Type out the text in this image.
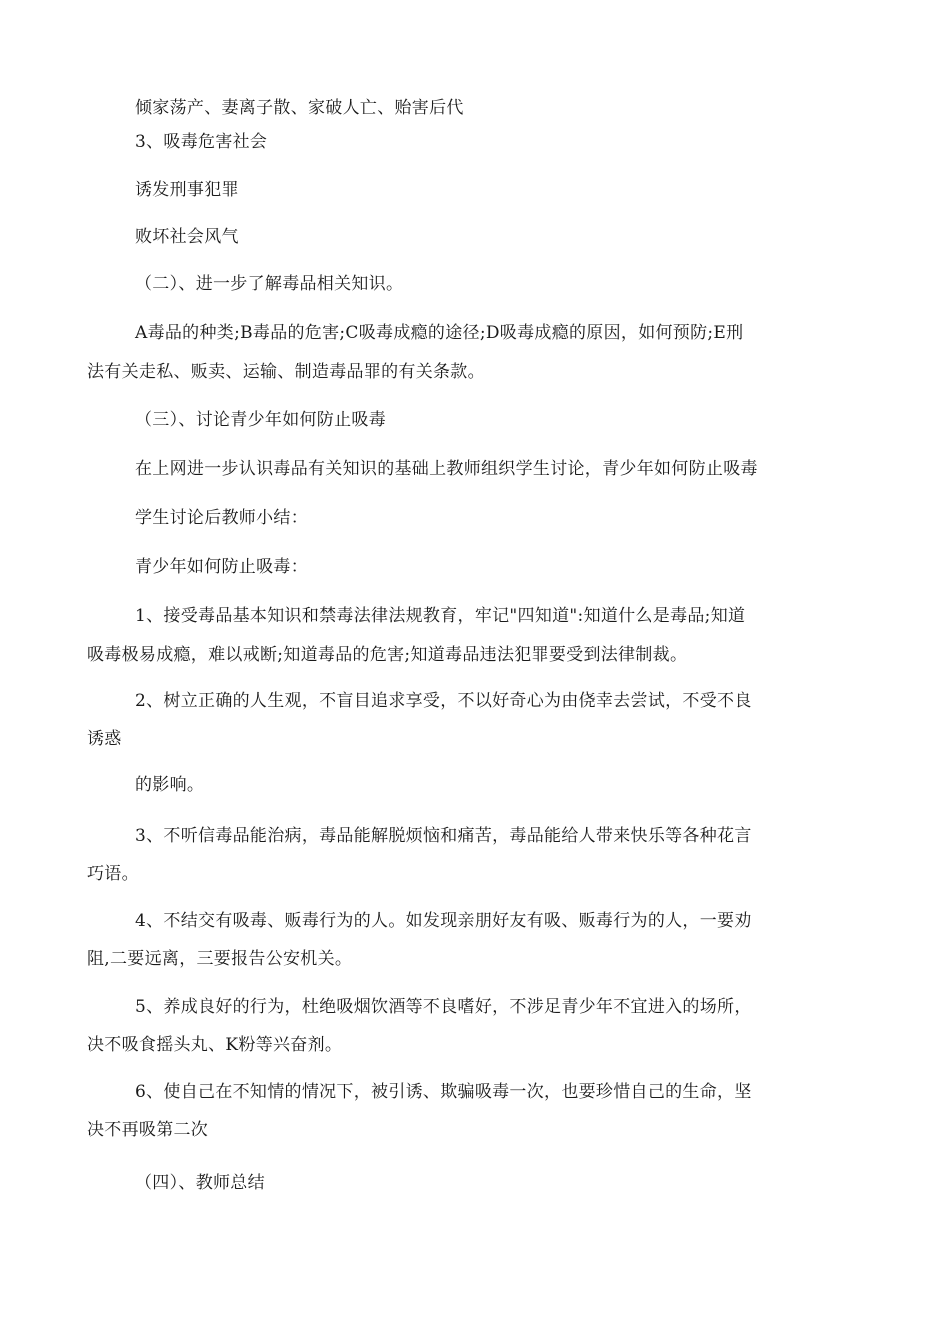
倾家荡产、妻离子散、家破人亡、贻害后代
3、吸毒危害社会
诱发刑事犯罪
败坏社会风气
（二）、进一步了解毒品相关知识。
A毒品的种类;B毒品的危害;C吸毒成瘾的途径;D吸毒成瘾的原因，如何预防;E刑
法有关走私、贩卖、运输、制造毒品罪的有关条款。
（三）、讨论青少年如何防止吸毒
在上网进一步认识毒品有关知识的基础上教师组织学生讨论，青少年如何防止吸毒
学生讨论后教师小结：
青少年如何防止吸毒：
1、接受毒品基本知识和禁毒法律法规教育，牢记"四知道":知道什么是毒品;知道
吸毒极易成瘾，难以戒断;知道毒品的危害;知道毒品违法犯罪要受到法律制裁。
2、树立正确的人生观，不盲目追求享受，不以好奇心为由侥幸去尝试，不受不良
诱惑
的影响。
3、不听信毒品能治病，毒品能解脱烦恼和痛苦，毒品能给人带来快乐等各种花言
巧语。
4、不结交有吸毒、贩毒行为的人。如发现亲朋好友有吸、贩毒行为的人，一要劝
阻,二要远离，三要报告公安机关。
5、养成良好的行为，杜绝吸烟饮酒等不良嗜好，不涉足青少年不宜进入的场所，
决不吸食摇头丸、K粉等兴奋剂。
6、使自己在不知情的情况下，被引诱、欺骗吸毒一次，也要珍惜自己的生命，坚
决不再吸第二次
（四）、教师总结
